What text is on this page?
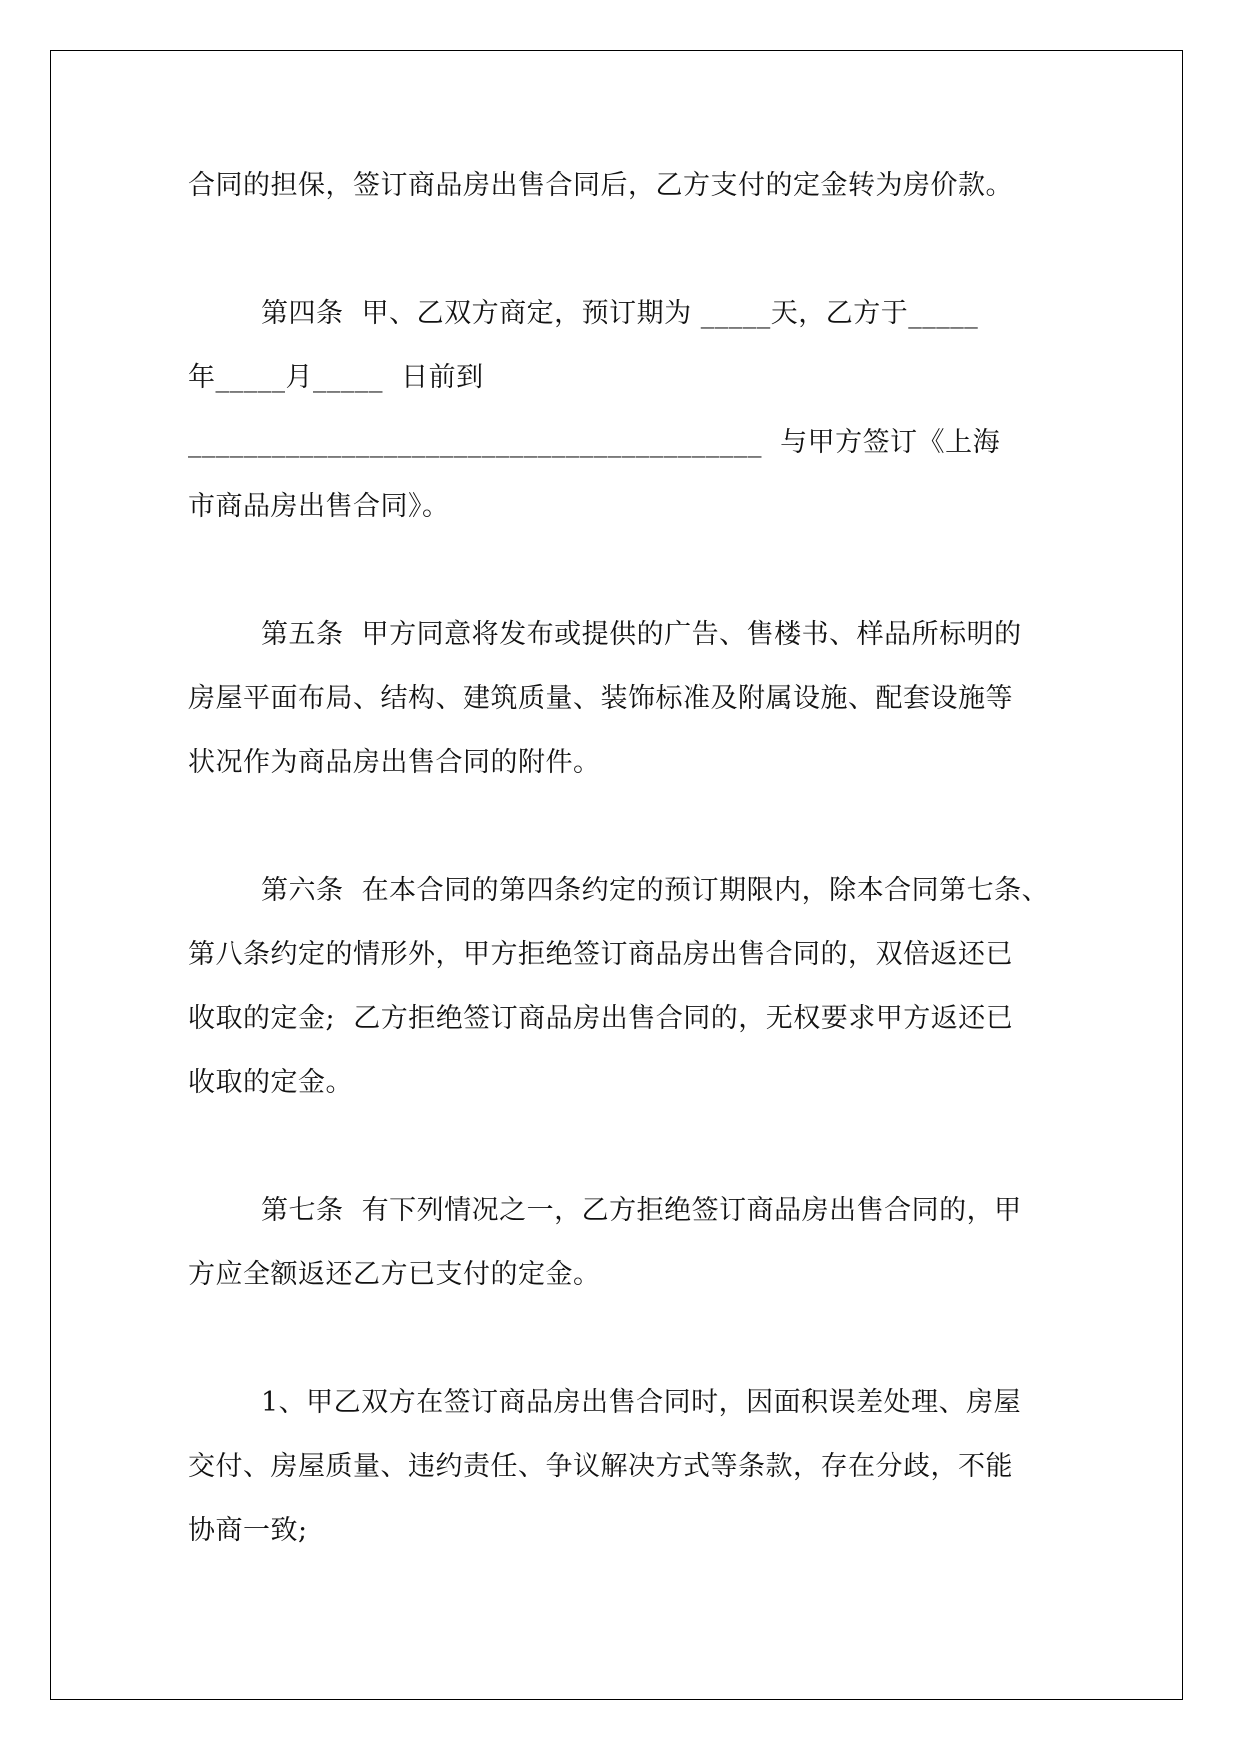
合同的担保，签订商品房出售合同后，乙方支付的定金转为房价款。
第四条  甲、乙双方商定，预订期为 _____天，乙方于_____
年_____月_____  日前到
_________________________________________  与甲方签订《上海
市商品房出售合同》。
第五条  甲方同意将发布或提供的广告、售楼书、样品所标明的
房屋平面布局、结构、建筑质量、装饰标准及附属设施、配套设施等
状况作为商品房出售合同的附件。
第六条  在本合同的第四条约定的预订期限内，除本合同第七条、
第八条约定的情形外，甲方拒绝签订商品房出售合同的，双倍返还已
收取的定金;  乙方拒绝签订商品房出售合同的，无权要求甲方返还已
收取的定金。
第七条  有下列情况之一，乙方拒绝签订商品房出售合同的，甲
方应全额返还乙方已支付的定金。
1、甲乙双方在签订商品房出售合同时，因面积误差处理、房屋
交付、房屋质量、违约责任、争议解决方式等条款，存在分歧，不能
协商一致;
